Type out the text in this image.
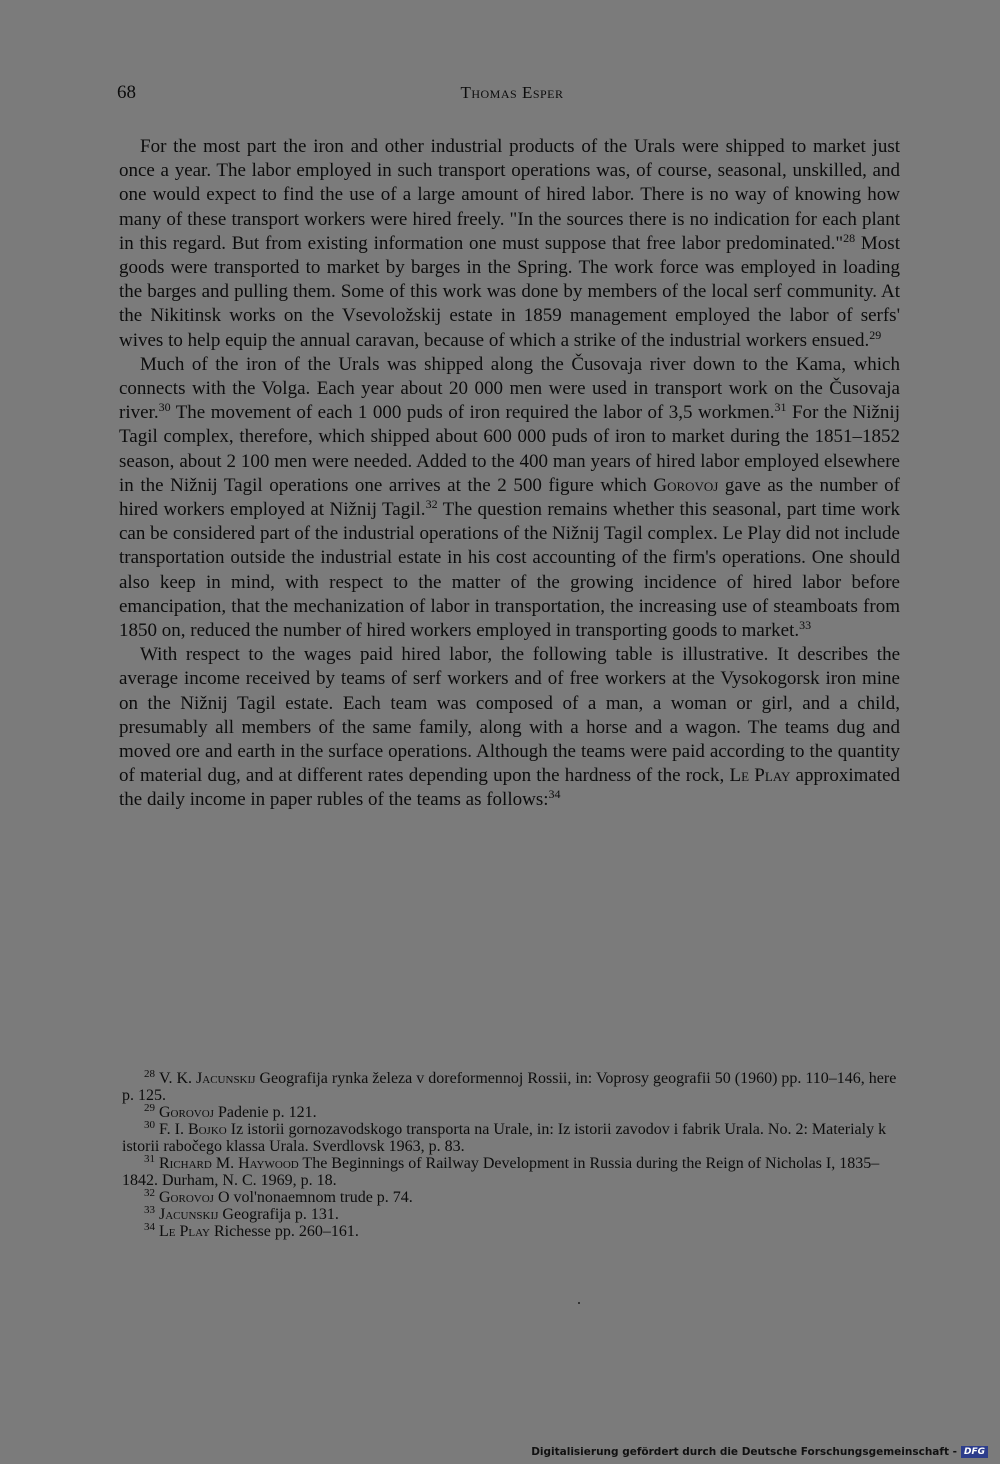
68	Thomas Esper

For the most part the iron and other industrial products of the Urals were shipped to market just once a year. The labor employed in such transport operations was, of course, seasonal, unskilled, and one would expect to find the use of a large amount of hired labor. There is no way of knowing how many of these transport workers were hired freely. "In the sources there is no indication for each plant in this regard. But from existing information one must suppose that free labor predominated."$^{28}$ Most goods were transported to market by barges in the Spring. The work force was employed in loading the barges and pulling them. Some of this work was done by members of the local serf community. At the Nikitinsk works on the Vsevoložskij estate in 1859 management employed the labor of serfs' wives to help equip the annual caravan, because of which a strike of the industrial workers ensued.$^{29}$

Much of the iron of the Urals was shipped along the Čusovaja river down to the Kama, which connects with the Volga. Each year about 20 000 men were used in transport work on the Čusovaja river.$^{30}$ The movement of each 1 000 puds of iron required the labor of 3,5 workmen.$^{31}$ For the Nižnij Tagil complex, therefore, which shipped about 600 000 puds of iron to market during the 1851–1852 season, about 2 100 men were needed. Added to the 400 man years of hired labor employed elsewhere in the Nižnij Tagil operations one arrives at the 2 500 figure which Gorovoj gave as the number of hired workers employed at Nižnij Tagil.$^{32}$ The question remains whether this seasonal, part time work can be considered part of the industrial operations of the Nižnij Tagil complex. Le Play did not include transportation outside the industrial estate in his cost accounting of the firm's operations. One should also keep in mind, with respect to the matter of the growing incidence of hired labor before emancipation, that the mechanization of labor in transportation, the increasing use of steamboats from 1850 on, reduced the number of hired workers employed in transporting goods to market.$^{33}$

With respect to the wages paid hired labor, the following table is illustrative. It describes the average income received by teams of serf workers and of free workers at the Vysokogorsk iron mine on the Nižnij Tagil estate. Each team was composed of a man, a woman or girl, and a child, presumably all members of the same family, along with a horse and a wagon. The teams dug and moved ore and earth in the surface operations. Although the teams were paid according to the quantity of material dug, and at different rates depending upon the hardness of the rock, Le Play approximated the daily income in paper rubles of the teams as follows:$^{34}$

$^{28}$ V. K. Jacunskij Geografija rynka železa v doreformennoj Rossii, in: Voprosy geografii 50 (1960) pp. 110–146, here p. 125.

$^{29}$ Gorovoj Padenie p. 121.

$^{30}$ F. I. Bojko Iz istorii gornozavodskogo transporta na Urale, in: Iz istorii zavodov i fabrik Urala. No. 2: Materialy k istorii rabočego klassa Urala. Sverdlovsk 1963, p. 83.

$^{31}$ Richard M. Haywood The Beginnings of Railway Development in Russia during the Reign of Nicholas I, 1835–1842. Durham, N. C. 1969, p. 18.

$^{32}$ Gorovoj O vol'nonaemnom trude p. 74.

$^{33}$ Jacunskij Geografija p. 131.

$^{34}$ Le Play Richesse pp. 260–161.

Digitalisierung gefördert durch die Deutsche Forschungsgemeinschaft - DFG
